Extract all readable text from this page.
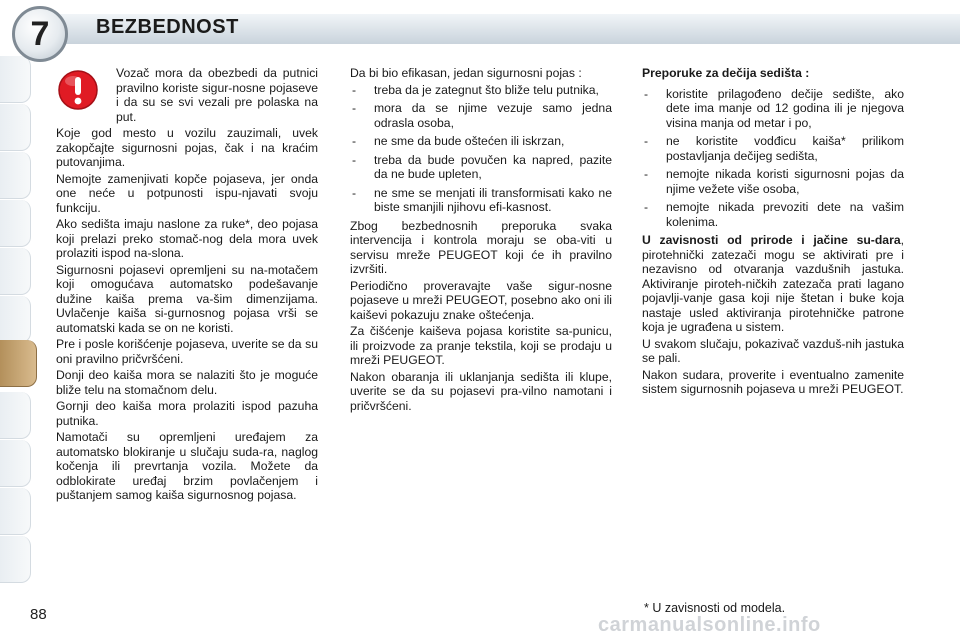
7	BEZBEDNOST

Vozač mora da obezbedi da putnici pravilno koriste sigur-nosne pojaseve i da su se svi vezali pre polaska na put.

Koje god mesto u vozilu zauzimali, uvek zakopčajte sigurnosni pojas, čak i na kraćim putovanjima.

Nemojte zamenjivati kopče pojaseva, jer onda one neće u potpunosti ispu-njavati svoju funkciju.

Ako sedišta imaju naslone za ruke*, deo pojasa koji prelazi preko stomač-nog dela mora uvek prolaziti ispod na-slona.

Sigurnosni pojasevi opremljeni su na-motačem koji omogućava automatsko podešavanje dužine kaiša prema va-šim dimenzijama. Uvlačenje kaiša si-gurnosnog pojasa vrši se automatski kada se on ne koristi.

Pre i posle korišćenje pojaseva, uverite se da su oni pravilno pričvršćeni.

Donji deo kaiša mora se nalaziti što je moguće bliže telu na stomačnom delu.

Gornji deo kaiša mora prolaziti ispod pazuha putnika.

Namotači su opremljeni uređajem za automatsko blokiranje u slučaju suda-ra, naglog kočenja ili prevrtanja vozila. Možete da odblokirate uređaj brzim povlačenjem i puštanjem samog kaiša sigurnosnog pojasa.

Da bi bio efikasan, jedan sigurnosni pojas :

- treba da je zategnut što bliže telu putnika,
- mora da se njime vezuje samo jedna odrasla osoba,
- ne sme da bude oštećen ili iskrzan,
- treba da bude povučen ka napred, pazite da ne bude upleten,
- ne sme se menjati ili transformisati kako ne biste smanjili njihovu efi-kasnost.

Zbog bezbednosnih preporuka svaka intervencija i kontrola moraju se oba-viti u servisu mreže PEUGEOT koji će ih pravilno izvršiti.

Periodično proveravajte vaše sigur-nosne pojaseve u mreži PEUGEOT, posebno ako oni ili kaiševi pokazuju znake oštećenja.

Za čišćenje kaiševa pojasa koristite sa-punicu, ili proizvode za pranje tekstila, koji se prodaju u mreži PEUGEOT.

Nakon obaranja ili uklanjanja sedišta ili klupe, uverite se da su pojasevi pra-vilno namotani i pričvršćeni.

Preporuke za dečija sedišta :

- koristite prilagođeno dečije sedište, ako dete ima manje od 12 godina ili je njegova visina manja od metar i po,
- ne koristite vodđicu kaiša* prilikom postavljanja dečijeg sedišta,
- nemojte nikada koristi sigurnosni pojas da njime vežete više osoba,
- nemojte nikada prevoziti dete na vašim kolenima.

U zavisnosti od prirode i jačine su-dara, pirotehnički zatezači mogu se aktivirati pre i nezavisno od otvaranja vazdušnih jastuka. Aktiviranje piroteh-ničkih zatezača prati lagano pojavlji-vanje gasa koji nije štetan i buke koja nastaje usled aktiviranja pirotehničke patrone koja je ugrađena u sistem.

U svakom slučaju, pokazivač vazduš-nih jastuka se pali.

Nakon sudara, proverite i eventualno zamenite sistem sigurnosnih pojaseva u mreži PEUGEOT.

88	* U zavisnosti od modela.
carmanualsonline.info
